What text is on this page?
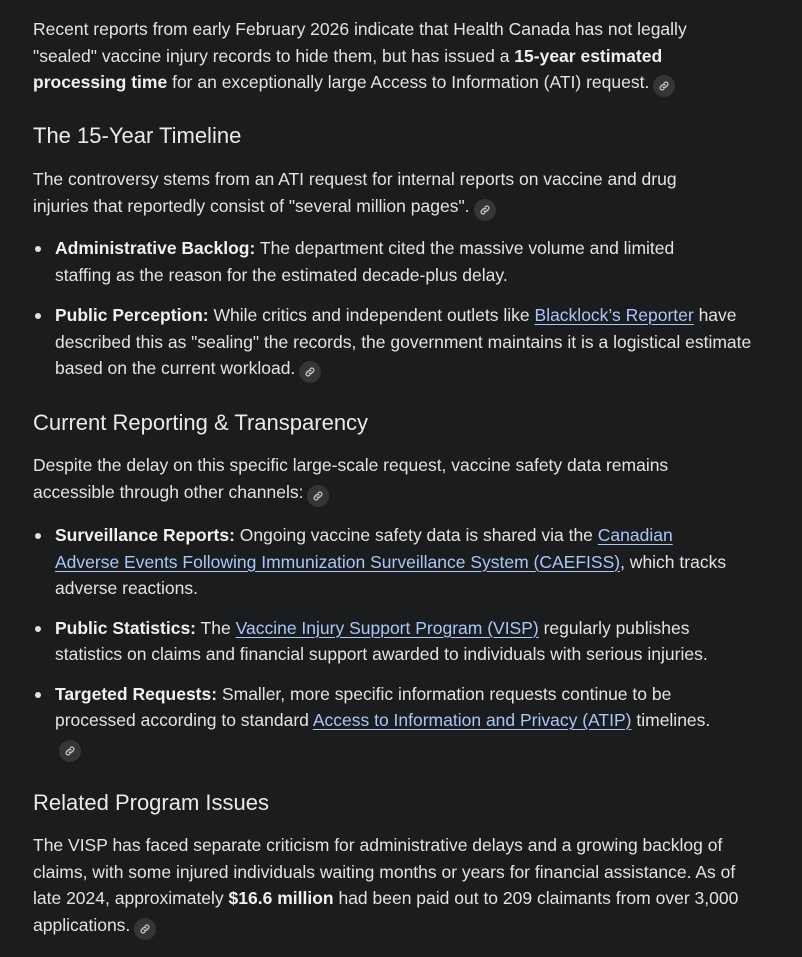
Recent reports from early February 2026 indicate that Health Canada has not legally "sealed" vaccine injury records to hide them, but has issued a 15-year estimated processing time for an exceptionally large Access to Information (ATI) request.

The 15-Year Timeline

The controversy stems from an ATI request for internal reports on vaccine and drug injuries that reportedly consist of "several million pages".

Administrative Backlog: The department cited the massive volume and limited staffing as the reason for the estimated decade-plus delay.
Public Perception: While critics and independent outlets like Blacklock’s Reporter have described this as "sealing" the records, the government maintains it is a logistical estimate based on the current workload.
Current Reporting & Transparency

Despite the delay on this specific large-scale request, vaccine safety data remains accessible through other channels:

Surveillance Reports: Ongoing vaccine safety data is shared via the Canadian Adverse Events Following Immunization Surveillance System (CAEFISS), which tracks adverse reactions.
Public Statistics: The Vaccine Injury Support Program (VISP) regularly publishes statistics on claims and financial support awarded to individuals with serious injuries.
Targeted Requests: Smaller, more specific information requests continue to be processed according to standard Access to Information and Privacy (ATIP) timelines.
Related Program Issues

The VISP has faced separate criticism for administrative delays and a growing backlog of claims, with some injured individuals waiting months or years for financial assistance. As of late 2024, approximately $16.6 million had been paid out to 209 claimants from over 3,000 applications.
